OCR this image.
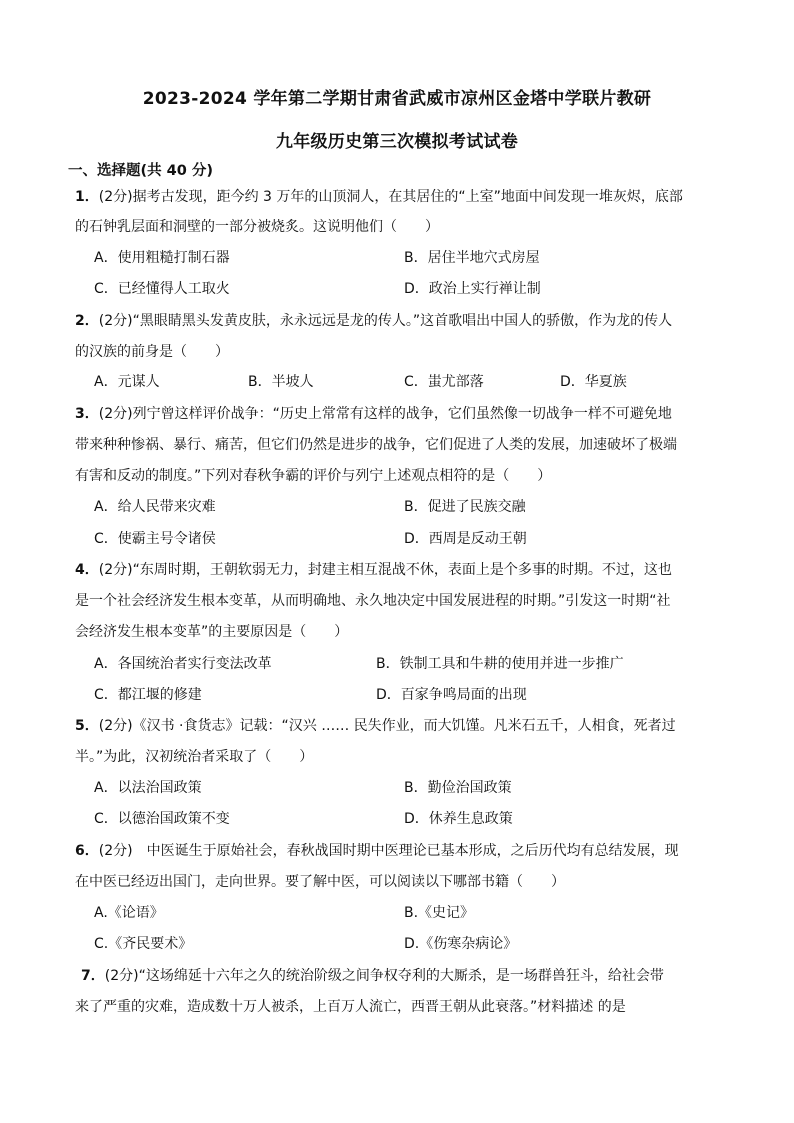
2023-2024 学年第二学期甘肃省武威市凉州区金塔中学联片教研
九年级历史第三次模拟考试试卷
一、选择题(共 40 分)
1．(2分)据考古发现，距今约 3 万年的山顶洞人，在其居住的“上室”地面中间发现一堆灰烬，底部
的石钟乳层面和洞壁的一部分被烧炙。这说明他们（　　）
A．使用粗糙打制石器	B．居住半地穴式房屋
C．已经懂得人工取火	D．政治上实行禅让制
2．(2分)“黑眼睛黑头发黄皮肤，永永远远是龙的传人。”这首歌唱出中国人的骄傲，作为龙的传人
的汉族的前身是（　　）
A．元谋人	B．半坡人	C．蚩尤部落	D．华夏族
3．(2分)列宁曾这样评价战争：“历史上常常有这样的战争，它们虽然像一切战争一样不可避免地
带来种种惨祸、暴行、痛苦，但它们仍然是进步的战争，它们促进了人类的发展，加速破坏了极端
有害和反动的制度。”下列对春秋争霸的评价与列宁上述观点相符的是（　　）
A．给人民带来灾难	B．促进了民族交融
C．使霸主号令诸侯	D．西周是反动王朝
4．(2分)“东周时期，王朝软弱无力，封建主相互混战不休，表面上是个多事的时期。不过，这也
是一个社会经济发生根本变革，从而明确地、永久地决定中国发展进程的时期。”引发这一时期“社
会经济发生根本变革”的主要原因是（　　）
A．各国统治者实行变法改革	B．铁制工具和牛耕的使用并进一步推广
C．都江堰的修建	D．百家争鸣局面的出现
5．(2分)《汉书 ·食货志》记载：“汉兴 …… 民失作业，而大饥馑。凡米石五千，人相食，死者过
半。”为此，汉初统治者采取了（　　）
A．以法治国政策	B．勤俭治国政策
C．以德治国政策不变	D．休养生息政策
6．(2分)　中医诞生于原始社会，春秋战国时期中医理论已基本形成，之后历代均有总结发展，现
在中医已经迈出国门，走向世界。要了解中医，可以阅读以下哪部书籍（　　）
A.《论语》	B.《史记》
C.《齐民要术》	D.《伤寒杂病论》
7．(2分)“这场绵延十六年之久的统治阶级之间争权夺利的大厮杀，是一场群兽狂斗，给社会带
来了严重的灾难，造成数十万人被杀，上百万人流亡，西晋王朝从此衰落。”材料描述 的是
